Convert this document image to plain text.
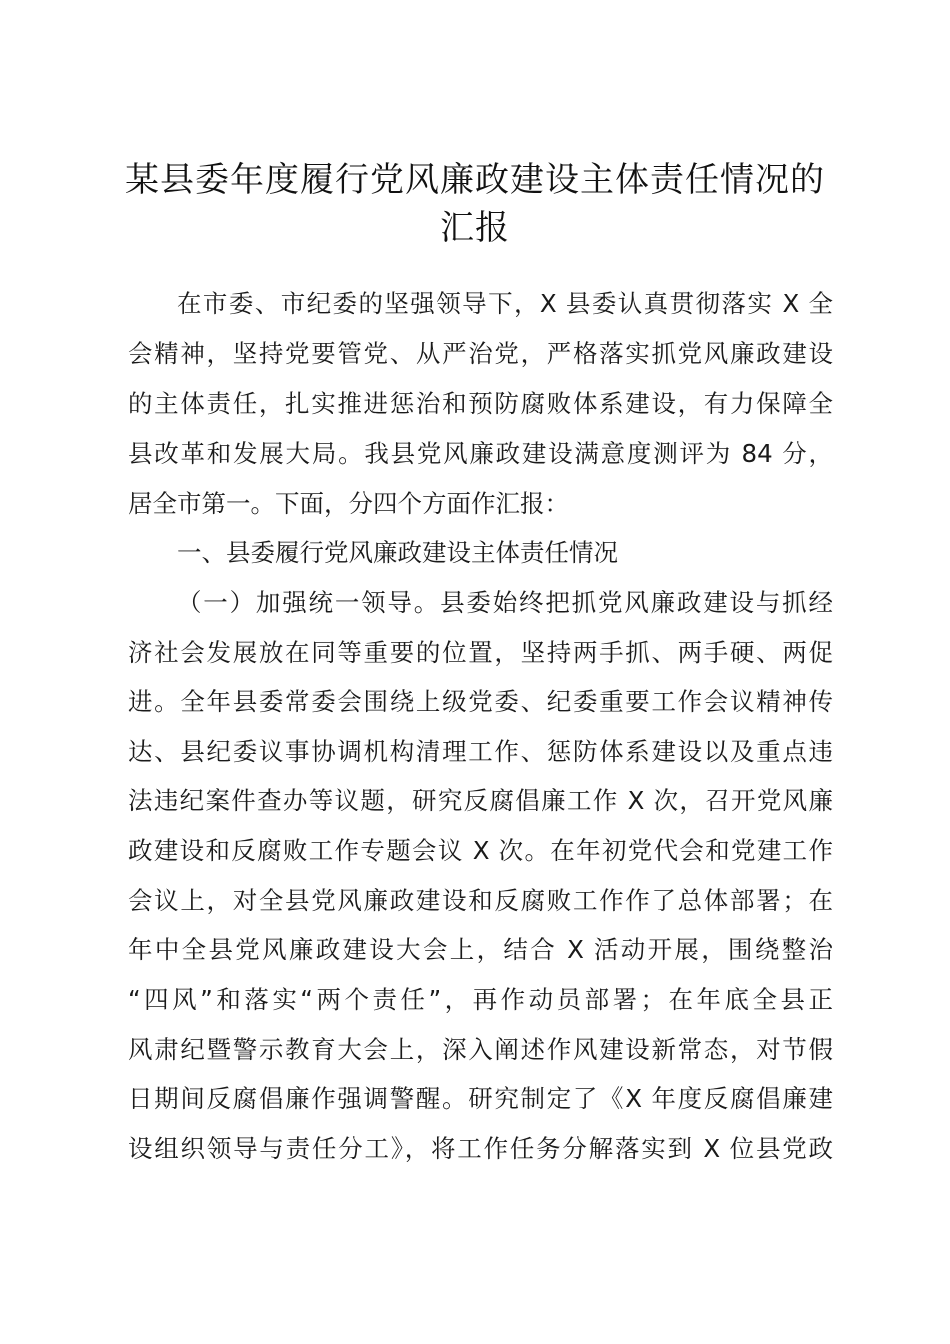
某县委年度履行党风廉政建设主体责任情况的
汇报
在市委、市纪委的坚强领导下，X 县委认真贯彻落实 X 全
会精神，坚持党要管党、从严治党，严格落实抓党风廉政建设
的主体责任，扎实推进惩治和预防腐败体系建设，有力保障全
县改革和发展大局。我县党风廉政建设满意度测评为 84 分，
居全市第一。下面，分四个方面作汇报：
一、县委履行党风廉政建设主体责任情况
（一）加强统一领导。县委始终把抓党风廉政建设与抓经
济社会发展放在同等重要的位置，坚持两手抓、两手硬、两促
进。全年县委常委会围绕上级党委、纪委重要工作会议精神传
达、县纪委议事协调机构清理工作、惩防体系建设以及重点违
法违纪案件查办等议题，研究反腐倡廉工作 X 次，召开党风廉
政建设和反腐败工作专题会议 X 次。在年初党代会和党建工作
会议上，对全县党风廉政建设和反腐败工作作了总体部署；在
年中全县党风廉政建设大会上，结合 X 活动开展，围绕整治
“四风”和落实“两个责任”，再作动员部署；在年底全县正
风肃纪暨警示教育大会上，深入阐述作风建设新常态，对节假
日期间反腐倡廉作强调警醒。研究制定了《X 年度反腐倡廉建
设组织领导与责任分工》，将工作任务分解落实到 X 位县党政
